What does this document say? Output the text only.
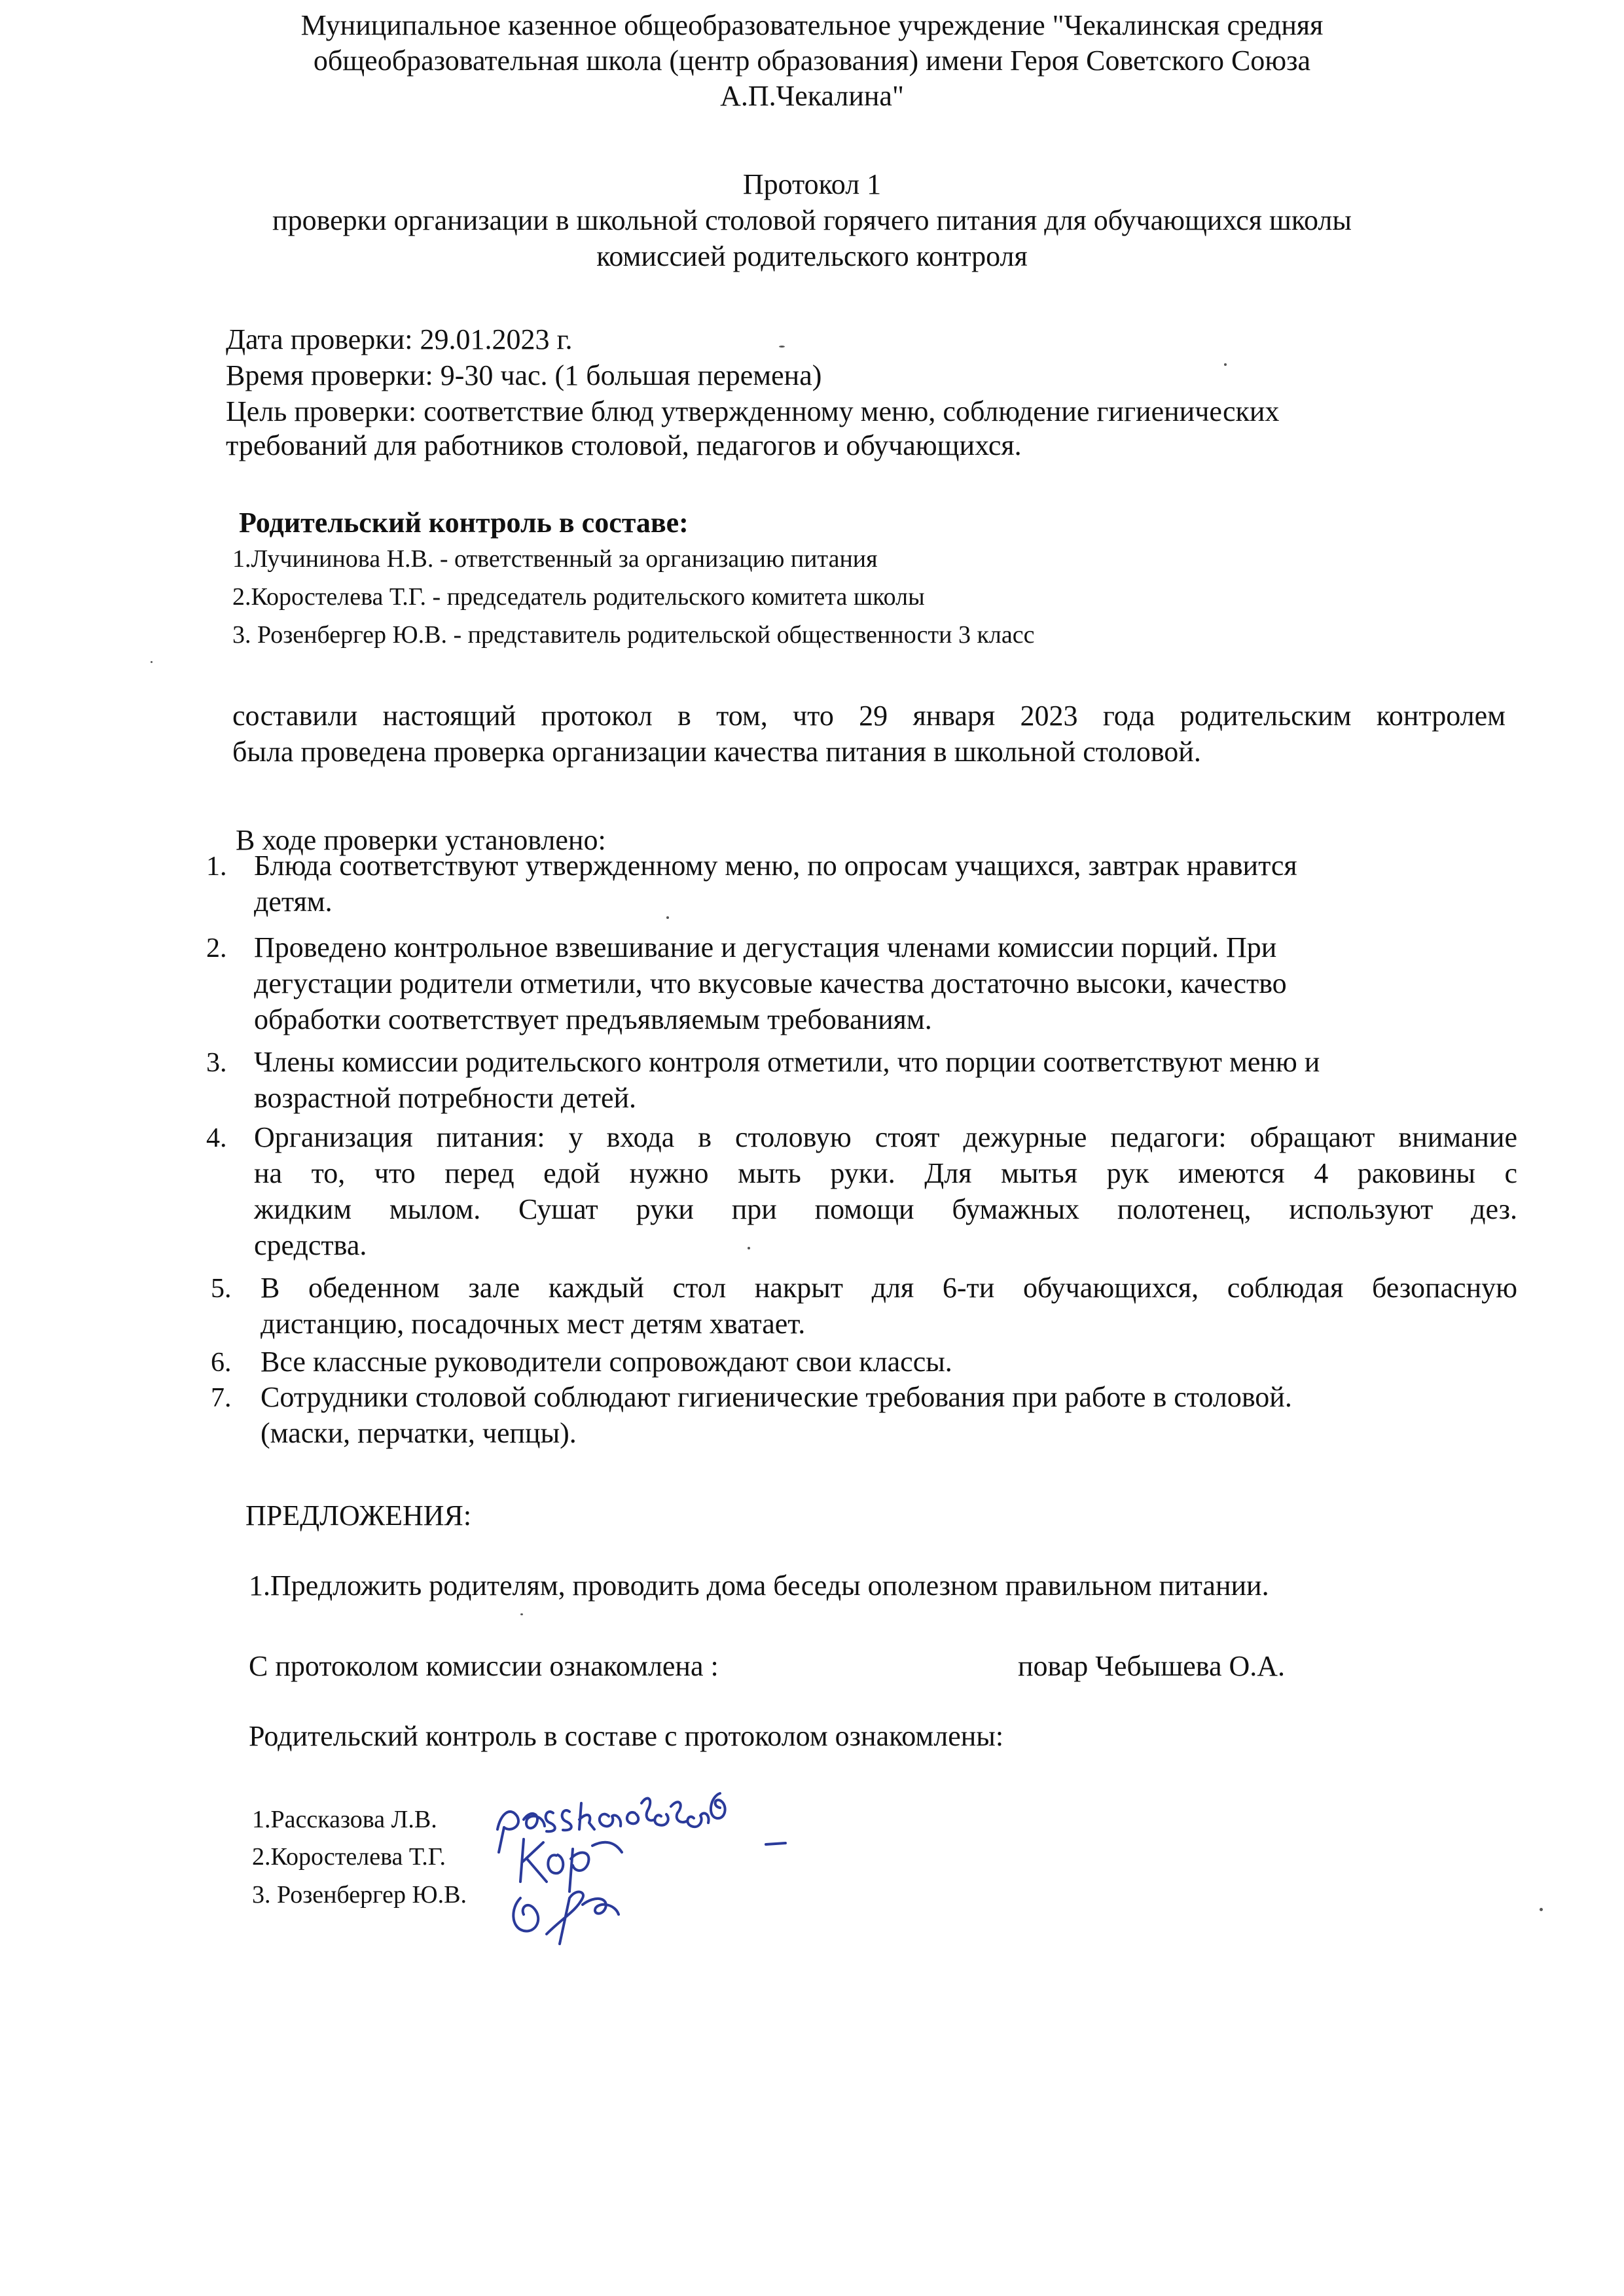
Муниципальное казенное общеобразовательное учреждение "Чекалинская средняя
общеобразовательная школа (центр образования) имени Героя Советского Союза
А.П.Чекалина"
Протокол 1
проверки организации в школьной столовой горячего питания для обучающихся школы
комиссией родительского контроля
Дата проверки: 29.01.2023 г.
Время проверки: 9-30 час. (1 большая перемена)
Цель проверки: соответствие блюд утвержденному меню, соблюдение гигиенических
требований для работников столовой, педагогов и обучающихся.
Родительский контроль в составе:
1.Лучининова Н.В. - ответственный за организацию питания
2.Коростелева Т.Г. - председатель родительского комитета школы
3. Розенбергер Ю.В. - представитель родительской общественности 3 класс
составили настоящий протокол в том, что 29 января 2023 года родительским контролем
была проведена проверка организации качества питания в школьной столовой.
В ходе проверки установлено:
1. Блюда соответствуют утвержденному меню, по опросам учащихся, завтрак нравится
детям.
2. Проведено контрольное взвешивание и дегустация членами комиссии порций. При
дегустации родители отметили, что вкусовые качества достаточно высоки, качество
обработки соответствует предъявляемым требованиям.
3. Члены комиссии родительского контроля отметили, что порции соответствуют меню и
возрастной потребности детей.
4. Организация питания: у входа в столовую стоят дежурные педагоги: обращают внимание
на то, что перед едой нужно мыть руки. Для мытья рук имеются 4 раковины с
жидким мылом. Сушат руки при помощи бумажных полотенец, используют дез.
средства.
5. В обеденном зале каждый стол накрыт для 6-ти обучающихся, соблюдая безопасную
дистанцию, посадочных мест детям хватает.
6. Все классные руководители сопровождают свои классы.
7. Сотрудники столовой соблюдают гигиенические требования при работе в столовой.
(маски, перчатки, чепцы).
ПРЕДЛОЖЕНИЯ:
1.Предложить родителям, проводить дома беседы ополезном правильном питании.
С протоколом комиссии ознакомлена :	повар Чебышева О.А.
Родительский контроль в составе с протоколом ознакомлены:
1.Рассказова Л.В.
2.Коростелева Т.Г.
3. Розенбергер Ю.В.
